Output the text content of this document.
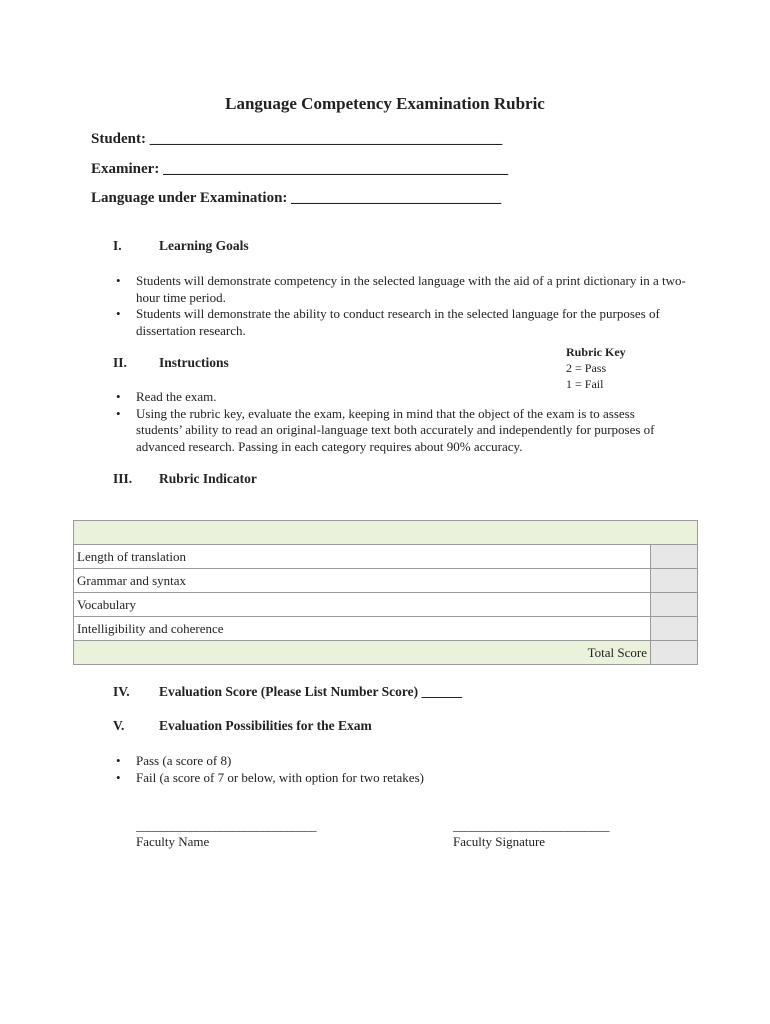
Language Competency Examination Rubric
Student: _______________________________________________
Examiner: ______________________________________________
Language under Examination: ____________________________
I.	Learning Goals
• Students will demonstrate competency in the selected language with the aid of a print dictionary in a two-hour time period.
• Students will demonstrate the ability to conduct research in the selected language for the purposes of dissertation research.
II. Instructions
Rubric Key
2 = Pass
1 = Fail
• Read the exam.
• Using the rubric key, evaluate the exam, keeping in mind that the object of the exam is to assess students’ ability to read an original-language text both accurately and independently for purposes of advanced research. Passing in each category requires about 90% accuracy.
III. Rubric Indicator

Length of translation	
Grammar and syntax	
Vocabulary	
Intelligibility and coherence	
Total Score	
IV. Evaluation Score (Please List Number Score) ______
V.	Evaluation Possibilities for the Exam
• Pass (a score of 8)
• Fail (a score of 7 or below, with option for two retakes)
______________________________
Faculty Name
__________________________
Faculty Signature
